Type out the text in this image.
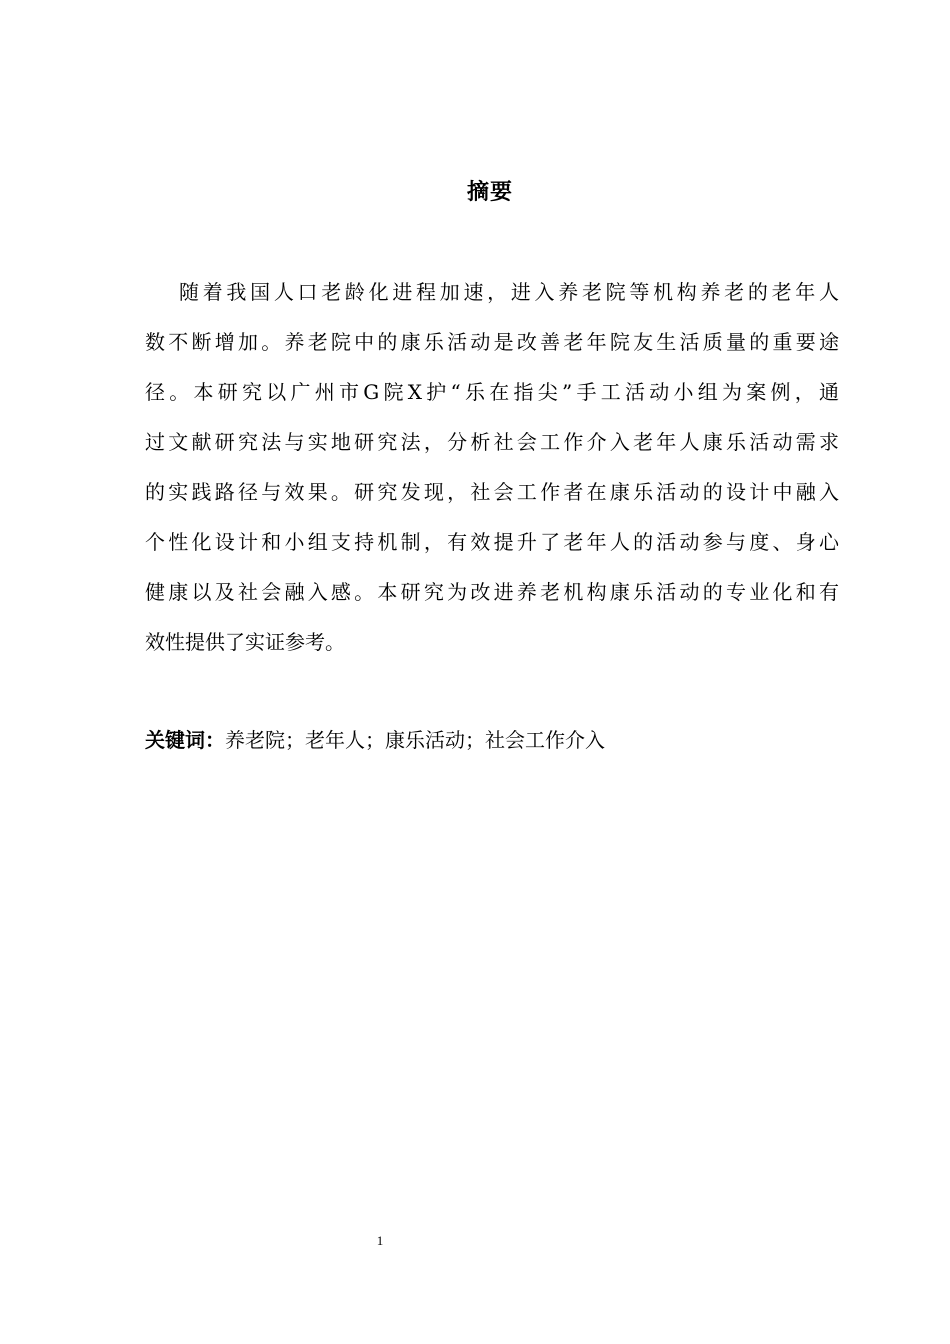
摘要
随着我国人口老龄化进程加速，进入养老院等机构养老的老年人
数不断增加。养老院中的康乐活动是改善老年院友生活质量的重要途
径。本研究以广州市G院X护“乐在指尖”手工活动小组为案例，通
过文献研究法与实地研究法，分析社会工作介入老年人康乐活动需求
的实践路径与效果。研究发现，社会工作者在康乐活动的设计中融入
个性化设计和小组支持机制，有效提升了老年人的活动参与度、身心
健康以及社会融入感。本研究为改进养老机构康乐活动的专业化和有
效性提供了实证参考。
关键词：养老院；老年人；康乐活动；社会工作介入
1
